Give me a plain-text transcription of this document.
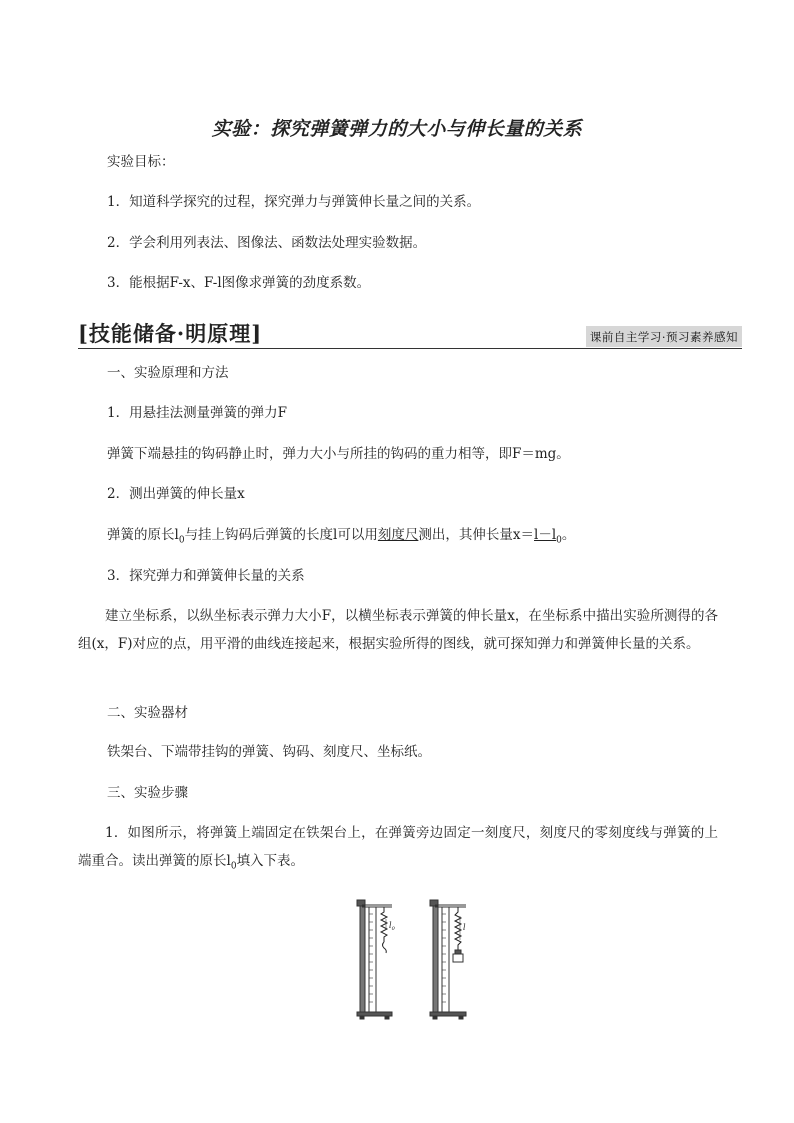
实验：探究弹簧弹力的大小与伸长量的关系
实验目标：
1．知道科学探究的过程，探究弹力与弹簧伸长量之间的关系。
2．学会利用列表法、图像法、函数法处理实验数据。
3．能根据F-x、F-l图像求弹簧的劲度系数。
[技能储备·明原理]	课前自主学习·预习素养感知
一、实验原理和方法
1．用悬挂法测量弹簧的弹力F
弹簧下端悬挂的钩码静止时，弹力大小与所挂的钩码的重力相等，即F＝mg。
2．测出弹簧的伸长量x
弹簧的原长$l_0$与挂上钩码后弹簧的长度l可以用刻度尺测出，其伸长量$x=l-l_0$。
3．探究弹力和弹簧伸长量的关系
建立坐标系，以纵坐标表示弹力大小F，以横坐标表示弹簧的伸长量x，在坐标系中描出实验所测得的各组(x，F)对应的点，用平滑的曲线连接起来，根据实验所得的图线，就可探知弹力和弹簧伸长量的关系。
二、实验器材
铁架台、下端带挂钩的弹簧、钩码、刻度尺、坐标纸。
三、实验步骤
1．如图所示，将弹簧上端固定在铁架台上，在弹簧旁边固定一刻度尺，刻度尺的零刻度线与弹簧的上端重合。读出弹簧的原长$l_0$填入下表。
$l_0$	l
